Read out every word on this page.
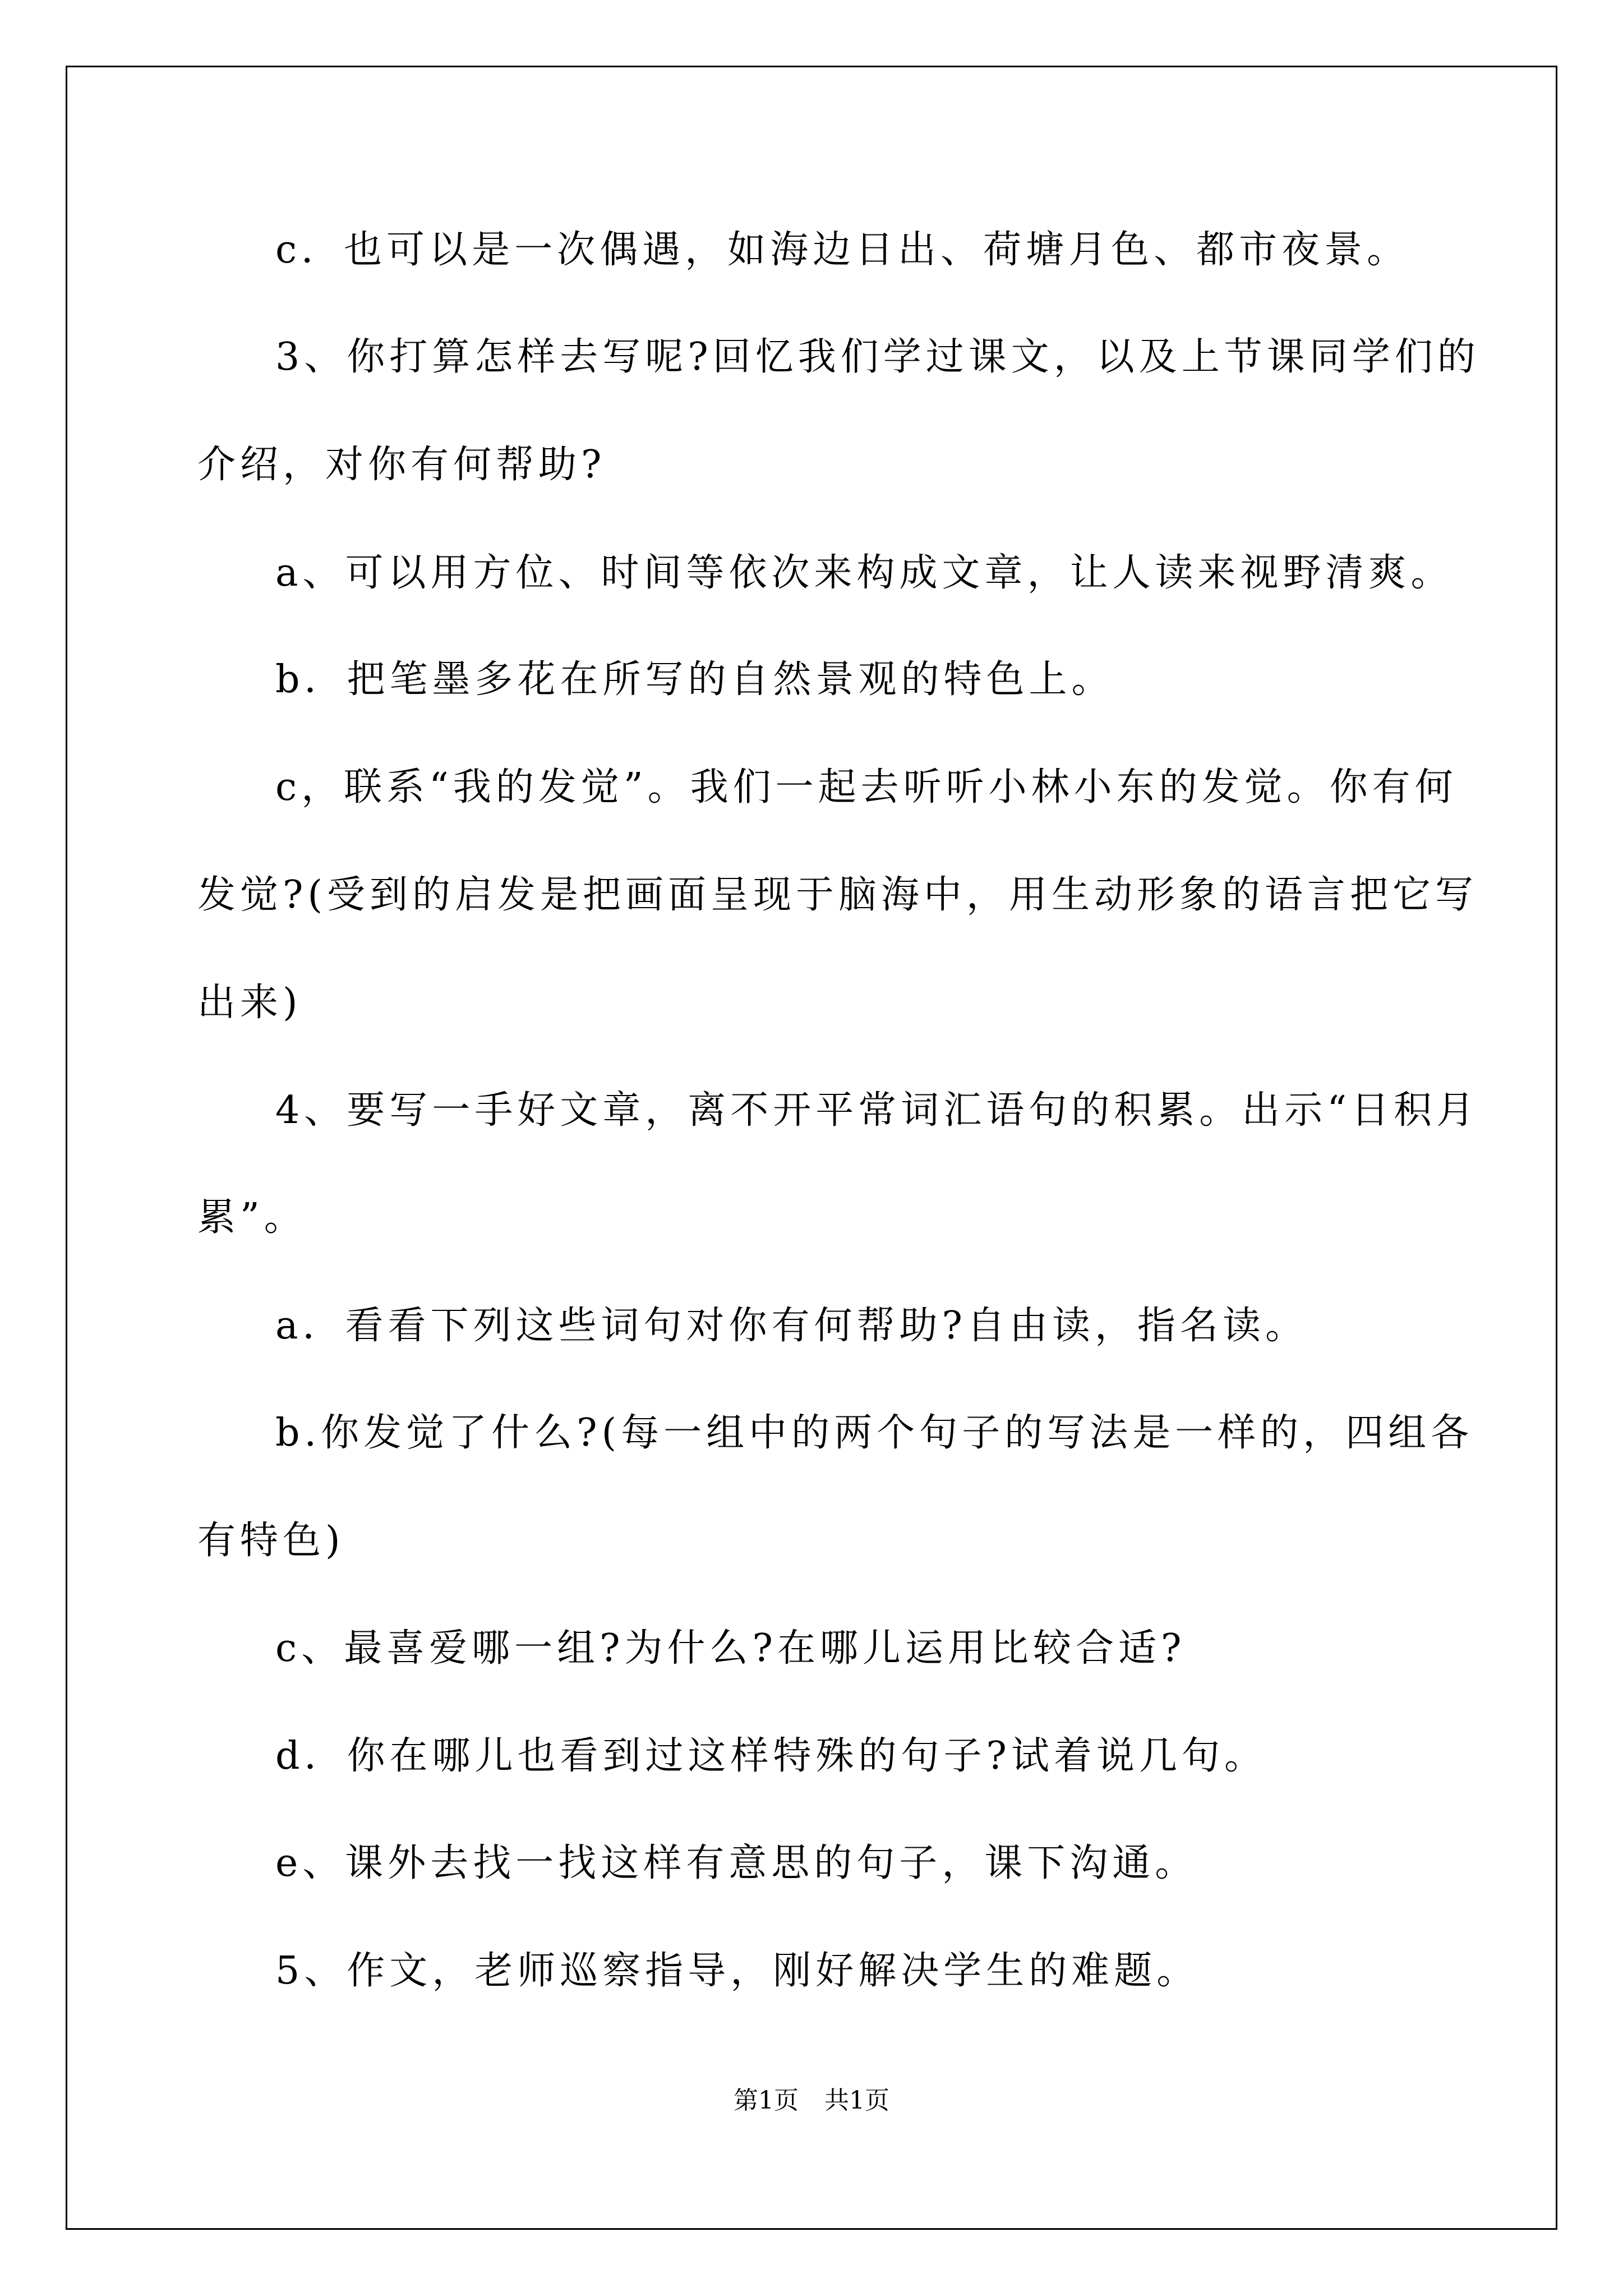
c．也可以是一次偶遇，如海边日出、荷塘月色、都市夜景。
3、你打算怎样去写呢?回忆我们学过课文，以及上节课同学们的
介绍，对你有何帮助?
a、可以用方位、时间等依次来构成文章，让人读来视野清爽。
b．把笔墨多花在所写的自然景观的特色上。
c，联系“我的发觉”。我们一起去听听小林小东的发觉。你有何
发觉?(受到的启发是把画面呈现于脑海中，用生动形象的语言把它写
出来)
4、要写一手好文章，离不开平常词汇语句的积累。出示“日积月
累”。
a．看看下列这些词句对你有何帮助?自由读，指名读。
b.你发觉了什么?(每一组中的两个句子的写法是一样的，四组各
有特色)
c、最喜爱哪一组?为什么?在哪儿运用比较合适?
d．你在哪儿也看到过这样特殊的句子?试着说几句。
e、课外去找一找这样有意思的句子，课下沟通。
5、作文，老师巡察指导，刚好解决学生的难题。
第1页 共1页
